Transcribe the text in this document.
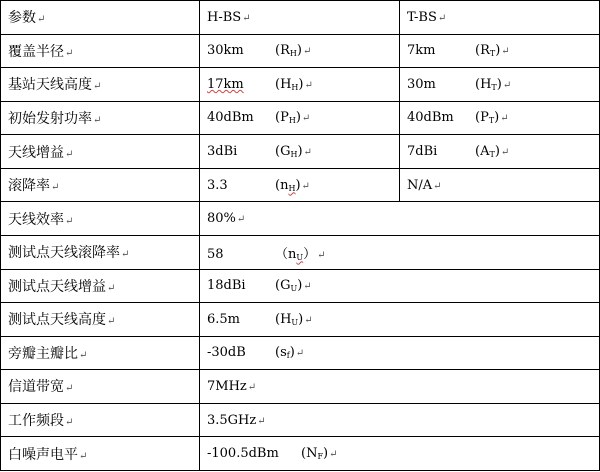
参数↵	H-BS↵	T-BS↵
覆盖半径↵	30km $(R_H)↵$	7km $(R_T)↵$
基站天线高度↵	17km $(H_H)↵$	30m $(H_T)↵$
初始发射功率↵	40dBm $(P_H)↵$	40dBm $(P_T)↵$
天线增益↵	3dBi $(G_H)↵$	7dBi $(A_T)↵$
滚降率↵	3.3 $(n_H)↵$	N/A↵
天线效率↵	80%↵	
测试点天线滚降率↵	58 $(n_U)↵$	
测试点天线增益↵	18dBi $(G_U)↵$	
测试点天线高度↵	6.5m $(H_U)↵$	
旁瓣主瓣比↵	-30dB $(s_f)↵$	
信道带宽↵	7MHz↵	
工作频段↵	3.5GHz↵	
白噪声电平↵	-100.5dBm $(N_F)↵$	
